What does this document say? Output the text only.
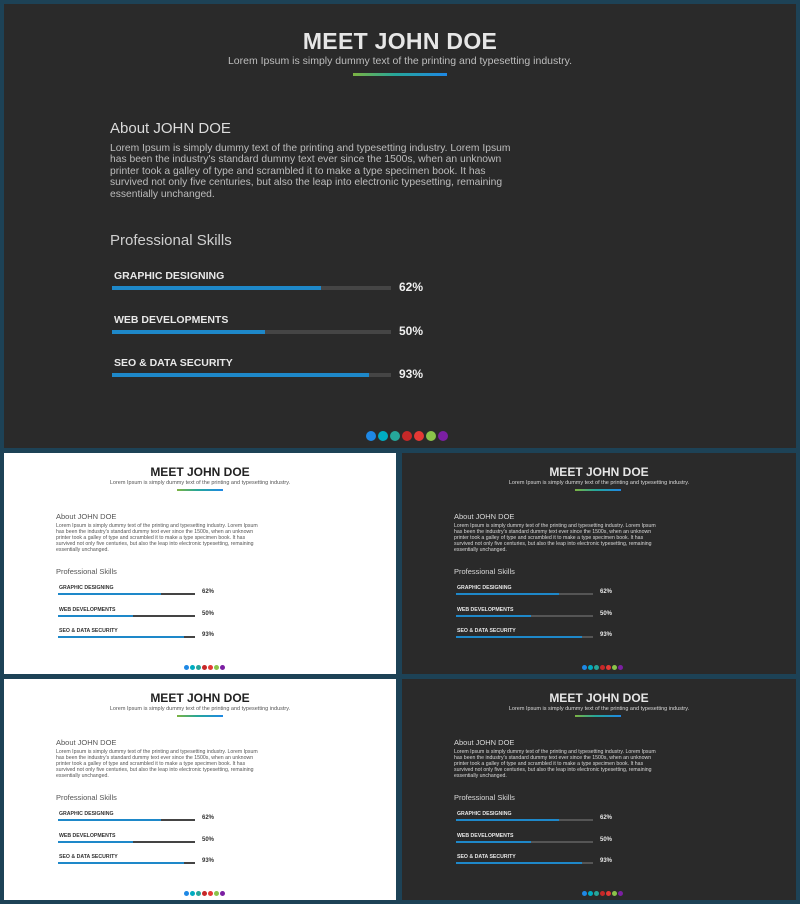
MEET JOHN DOE
Lorem Ipsum is simply dummy text of the printing and typesetting industry.
About JOHN DOE
Lorem Ipsum is simply dummy text of the printing and typesetting industry. Lorem Ipsum has been the industry's standard dummy text ever since the 1500s, when an unknown printer took a galley of type and scrambled it to make a type specimen book. It has survived not only five centuries, but also the leap into electronic typesetting, remaining essentially unchanged.
Professional Skills
GRAPHIC DESIGNING
62%
WEB DEVELOPMENTS
50%
SEO & DATA SECURITY
93%
MEET JOHN DOE
Lorem Ipsum is simply dummy text of the printing and typesetting industry.
About JOHN DOE
Lorem Ipsum is simply dummy text of the printing and typesetting industry. Lorem Ipsum has been the industry's standard dummy text ever since the 1500s, when an unknown printer took a galley of type and scrambled it to make a type specimen book. It has survived not only five centuries, but also the leap into electronic typesetting, remaining essentially unchanged.
Professional Skills
GRAPHIC DESIGNING
62%
WEB DEVELOPMENTS
50%
SEO & DATA SECURITY
93%
MEET JOHN DOE
Lorem Ipsum is simply dummy text of the printing and typesetting industry.
About JOHN DOE
Lorem Ipsum is simply dummy text of the printing and typesetting industry. Lorem Ipsum has been the industry's standard dummy text ever since the 1500s, when an unknown printer took a galley of type and scrambled it to make a type specimen book. It has survived not only five centuries, but also the leap into electronic typesetting, remaining essentially unchanged.
Professional Skills
GRAPHIC DESIGNING
62%
WEB DEVELOPMENTS
50%
SEO & DATA SECURITY
93%
MEET JOHN DOE
Lorem Ipsum is simply dummy text of the printing and typesetting industry.
About JOHN DOE
Lorem Ipsum is simply dummy text of the printing and typesetting industry. Lorem Ipsum has been the industry's standard dummy text ever since the 1500s, when an unknown printer took a galley of type and scrambled it to make a type specimen book. It has survived not only five centuries, but also the leap into electronic typesetting, remaining essentially unchanged.
Professional Skills
GRAPHIC DESIGNING
62%
WEB DEVELOPMENTS
50%
SEO & DATA SECURITY
93%
MEET JOHN DOE
Lorem Ipsum is simply dummy text of the printing and typesetting industry.
About JOHN DOE
Lorem Ipsum is simply dummy text of the printing and typesetting industry. Lorem Ipsum has been the industry's standard dummy text ever since the 1500s, when an unknown printer took a galley of type and scrambled it to make a type specimen book. It has survived not only five centuries, but also the leap into electronic typesetting, remaining essentially unchanged.
Professional Skills
GRAPHIC DESIGNING
62%
WEB DEVELOPMENTS
50%
SEO & DATA SECURITY
93%
